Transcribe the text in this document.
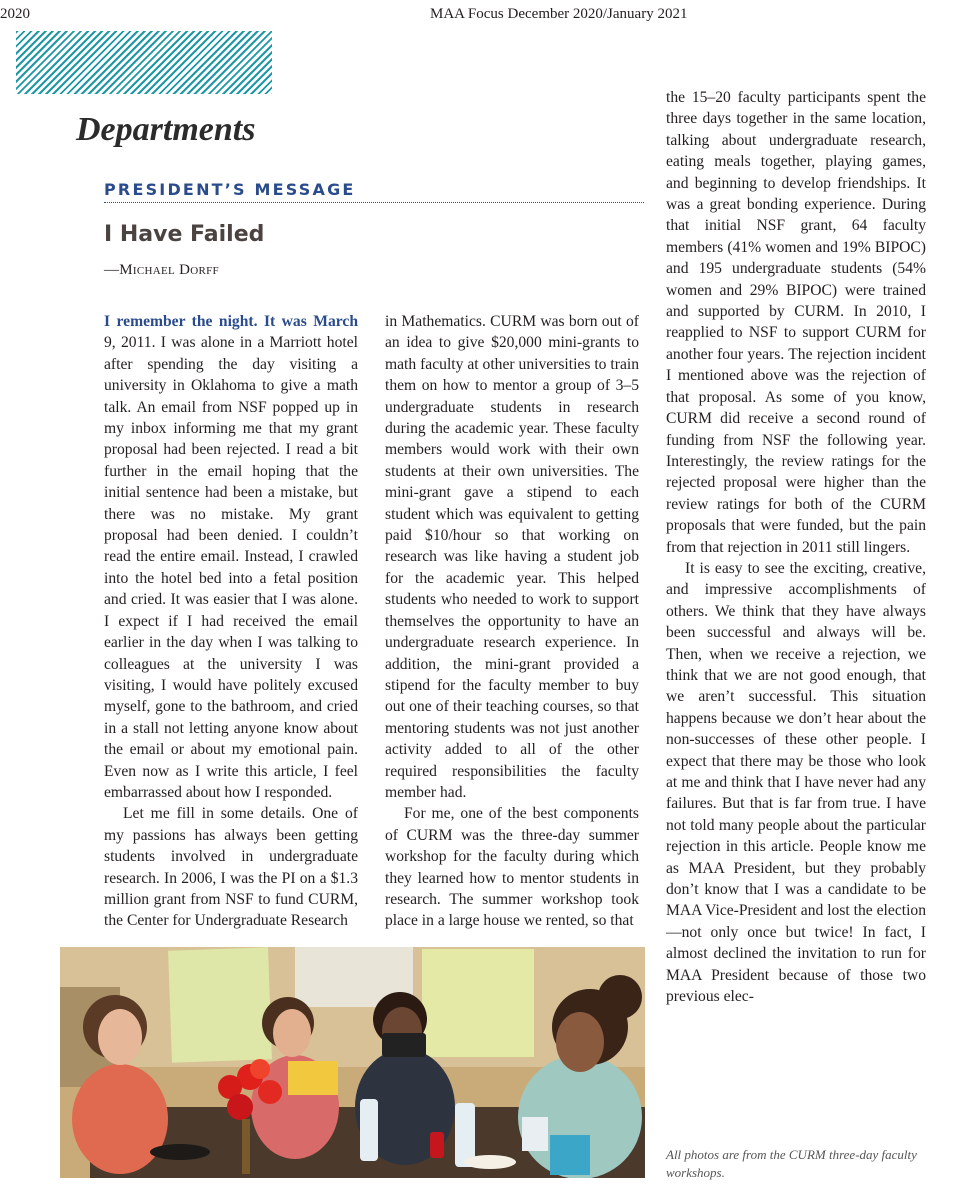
2020	MAA Focus December 2020/January 2021
Departments
PRESIDENT’S MESSAGE
I Have Failed
—Michael Dorff

I remember the night. It was March 9, 2011. I was alone in a Marriott hotel after spending the day visiting a university in Oklahoma to give a math talk. An email from NSF popped up in my inbox informing me that my grant proposal had been rejected. I read a bit further in the email hoping that the initial sentence had been a mistake, but there was no mistake. My grant proposal had been denied. I couldn’t read the entire email. Instead, I crawled into the hotel bed into a fetal position and cried. It was easier that I was alone. I expect if I had received the email earlier in the day when I was talking to colleagues at the university I was visiting, I would have politely excused myself, gone to the bathroom, and cried in a stall not letting anyone know about the email or about my emotional pain. Even now as I write this article, I feel embarrassed about how I responded.

Let me fill in some details. One of my passions has always been getting students involved in undergraduate research. In 2006, I was the PI on a $1.3 million grant from NSF to fund CURM, the Center for Undergraduate Research

in Mathematics. CURM was born out of an idea to give $20,000 mini-grants to math faculty at other universities to train them on how to mentor a group of 3–5 undergraduate students in research during the academic year. These faculty members would work with their own students at their own universities. The mini-grant gave a stipend to each student which was equivalent to getting paid $10/hour so that working on research was like having a student job for the academic year. This helped students who needed to work to support themselves the opportunity to have an undergraduate research experience. In addition, the mini-grant provided a stipend for the faculty member to buy out one of their teaching courses, so that mentoring students was not just another activity added to all of the other required responsibilities the faculty member had.

For me, one of the best components of CURM was the three-day summer workshop for the faculty during which they learned how to mentor students in research. The summer workshop took place in a large house we rented, so that

the 15–20 faculty participants spent the three days together in the same location, talking about undergraduate research, eating meals together, playing games, and beginning to develop friendships. It was a great bonding experience. During that initial NSF grant, 64 faculty members (41% women and 19% BIPOC) and 195 undergraduate students (54% women and 29% BIPOC) were trained and supported by CURM. In 2010, I reapplied to NSF to support CURM for another four years. The rejection incident I mentioned above was the rejection of that proposal. As some of you know, CURM did receive a second round of funding from NSF the following year. Interestingly, the review ratings for the rejected proposal were higher than the review ratings for both of the CURM proposals that were funded, but the pain from that rejection in 2011 still lingers.

It is easy to see the exciting, creative, and impressive accomplishments of others. We think that they have always been successful and always will be. Then, when we receive a rejection, we think that we are not good enough, that we aren’t successful. This situation happens because we don’t hear about the non-successes of these other people. I expect that there may be those who look at me and think that I have never had any failures. But that is far from true. I have not told many people about the particular rejection in this article. People know me as MAA President, but they probably don’t know that I was a candidate to be MAA Vice-President and lost the election—not only once but twice! In fact, I almost declined the invitation to run for MAA President because of those two previous elec-

All photos are from the CURM three-day faculty workshops.
